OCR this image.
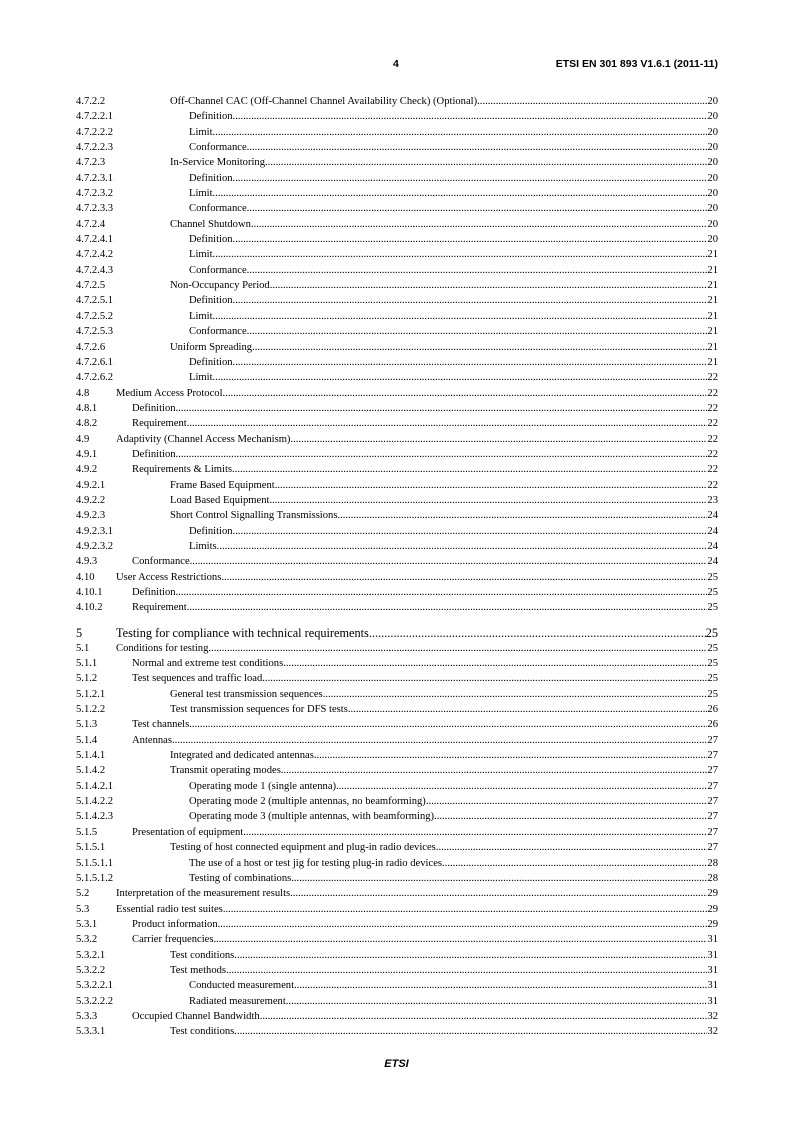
4	ETSI EN 301 893 V1.6.1 (2011-11)
4.7.2.2	Off-Channel CAC (Off-Channel Channel Availability Check) (Optional) .....	20
4.7.2.2.1	Definition .....	20
4.7.2.2.2	Limit .....	20
4.7.2.2.3	Conformance .....	20
4.7.2.3	In-Service Monitoring .....	20
4.7.2.3.1	Definition .....	20
4.7.2.3.2	Limit .....	20
4.7.2.3.3	Conformance .....	20
4.7.2.4	Channel Shutdown .....	20
4.7.2.4.1	Definition .....	20
4.7.2.4.2	Limit .....	21
4.7.2.4.3	Conformance .....	21
4.7.2.5	Non-Occupancy Period .....	21
4.7.2.5.1	Definition .....	21
4.7.2.5.2	Limit .....	21
4.7.2.5.3	Conformance .....	21
4.7.2.6	Uniform Spreading .....	21
4.7.2.6.1	Definition .....	21
4.7.2.6.2	Limit .....	22
4.8	Medium Access Protocol .....	22
4.8.1	Definition .....	22
4.8.2	Requirement .....	22
4.9	Adaptivity (Channel Access Mechanism) .....	22
4.9.1	Definition .....	22
4.9.2	Requirements & Limits .....	22
4.9.2.1	Frame Based Equipment .....	22
4.9.2.2	Load Based Equipment .....	23
4.9.2.3	Short Control Signalling Transmissions .....	24
4.9.2.3.1	Definition .....	24
4.9.2.3.2	Limits .....	24
4.9.3	Conformance .....	24
4.10 User Access Restrictions .....	25
4.10.1	Definition .....	25
4.10.2	Requirement .....	25
5	Testing for compliance with technical requirements .....	25
5.1	Conditions for testing .....	25
5.1.1	Normal and extreme test conditions .....	25
5.1.2	Test sequences and traffic load .....	25
5.1.2.1	General test transmission sequences .....	25
5.1.2.2	Test transmission sequences for DFS tests .....	26
5.1.3	Test channels .....	26
5.1.4	Antennas .....	27
5.1.4.1	Integrated and dedicated antennas .....	27
5.1.4.2	Transmit operating modes .....	27
5.1.4.2.1	Operating mode 1 (single antenna) .....	27
5.1.4.2.2	Operating mode 2 (multiple antennas, no beamforming) .....	27
5.1.4.2.3	Operating mode 3 (multiple antennas, with beamforming) .....	27
5.1.5	Presentation of equipment .....	27
5.1.5.1	Testing of host connected equipment and plug-in radio devices .....	27
5.1.5.1.1	The use of a host or test jig for testing plug-in radio devices .....	28
5.1.5.1.2	Testing of combinations .....	28
5.2	Interpretation of the measurement results .....	29
5.3	Essential radio test suites .....	29
5.3.1	Product information .....	29
5.3.2	Carrier frequencies .....	31
5.3.2.1	Test conditions .....	31
5.3.2.2	Test methods .....	31
5.3.2.2.1	Conducted measurement .....	31
5.3.2.2.2	Radiated measurement .....	31
5.3.3	Occupied Channel Bandwidth .....	32
5.3.3.1	Test conditions .....	32
ETSI
